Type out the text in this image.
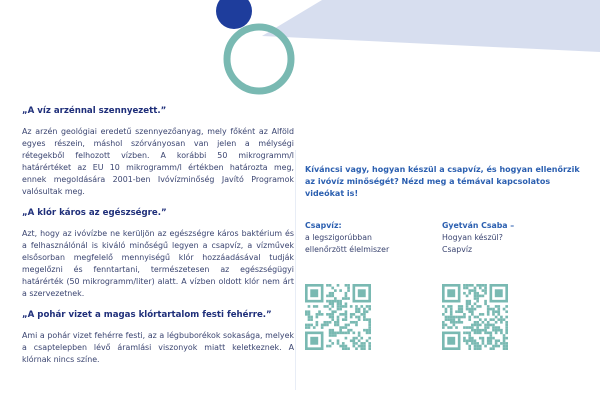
„A víz arzénnal szennyezett.”

Az arzén geológiai eredetű szennyezőanyag, mely főként az Alföld egyes részein, máshol szórványosan van jelen a mélységi rétegekből felhozott vízben. A korábbi 50 mikrogramm/l határértéket az EU 10 mikrogramm/l értékben határozta meg, ennek megoldására 2001-ben Ivóvízminőség Javító Programok valósultak meg.

„A klór káros az egészségre.”

Azt, hogy az ivóvízbe ne kerüljön az egészségre káros baktérium és a felhasználónál is kiváló minőségű legyen a csapvíz, a vízművek elsősorban megfelelő mennyiségű klór hozzáadásával tudják megelőzni és fenntartani, természetesen az egészségügyi határérték (50 mikrogramm/liter) alatt. A vízben oldott klór nem árt a szervezetnek.

„A pohár vizet a magas klórtartalom festi fehérre.”

Ami a pohár vizet fehérre festi, az a légbuborékok sokasága, melyek a csaptelepben lévő áramlási viszonyok miatt keletkeznek. A klórnak nincs színe.

Kíváncsi vagy, hogyan készül a csapvíz, és hogyan ellenőrzik az ivóvíz minőségét? Nézd meg a témával kapcsolatos videókat is!

Csapvíz:
a legszigorúbban
ellenőrzött élelmiszer
Gyetván Csaba –
Hogyan készül?
Csapvíz
